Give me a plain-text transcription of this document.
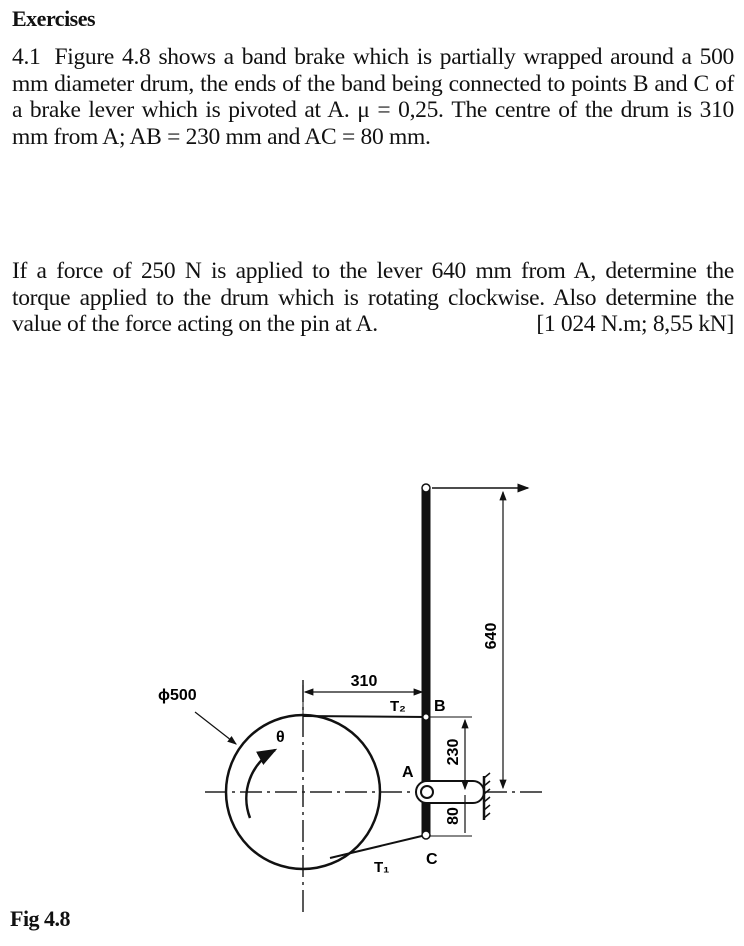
Exercises
4.1 Figure 4.8 shows a band brake which is partially wrapped around a 500 mm diameter drum, the ends of the band being connected to points B and C of a brake lever which is pivoted at A. μ = 0,25. The centre of the drum is 310 mm from A; AB = 230 mm and AC = 80 mm.
If a force of 250 N is applied to the lever 640 mm from A, determine the torque applied to the drum which is rotating clockwise. Also determine the value of the force acting on the pin at A.	[1 024 N.m; 8,55 kN]
θ
640
310
230
80
ϕ500
T₂ B
A
C
T₁
Fig 4.8
